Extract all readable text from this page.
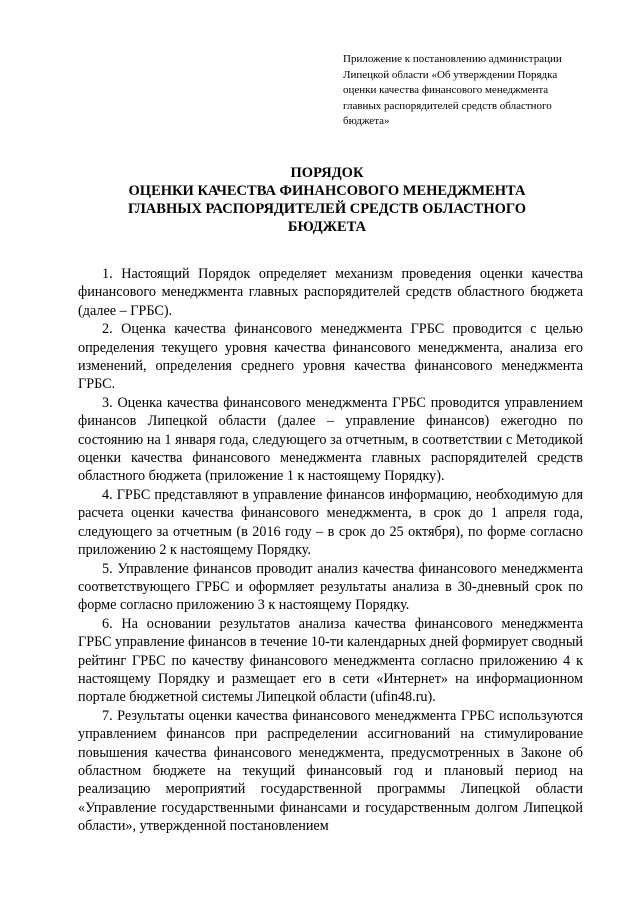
Приложение к постановлению администрации Липецкой области «Об утверждении Порядка оценки качества финансового менеджмента главных распорядителей средств областного бюджета»

ПОРЯДОК
ОЦЕНКИ КАЧЕСТВА ФИНАНСОВОГО МЕНЕДЖМЕНТА
ГЛАВНЫХ РАСПОРЯДИТЕЛЕЙ СРЕДСТВ ОБЛАСТНОГО
БЮДЖЕТА

1. Настоящий Порядок определяет механизм проведения оценки качества финансового менеджмента главных распорядителей средств областного бюджета (далее – ГРБС).

2. Оценка качества финансового менеджмента ГРБС проводится с целью определения текущего уровня качества финансового менеджмента, анализа его изменений, определения среднего уровня качества финансового менеджмента ГРБС.

3. Оценка качества финансового менеджмента ГРБС проводится управлением финансов Липецкой области (далее – управление финансов) ежегодно по состоянию на 1 января года, следующего за отчетным, в соответствии с Методикой оценки качества финансового менеджмента главных распорядителей средств областного бюджета (приложение 1 к настоящему Порядку).

4. ГРБС представляют в управление финансов информацию, необходимую для расчета оценки качества финансового менеджмента, в срок до 1 апреля года, следующего за отчетным (в 2016 году – в срок до 25 октября), по форме согласно приложению 2 к настоящему Порядку.

5. Управление финансов проводит анализ качества финансового менеджмента соответствующего ГРБС и оформляет результаты анализа в 30-дневный срок по форме согласно приложению 3 к настоящему Порядку.

6. На основании результатов анализа качества финансового менеджмента ГРБС управление финансов в течение 10-ти календарных дней формирует сводный рейтинг ГРБС по качеству финансового менеджмента согласно приложению 4 к настоящему Порядку и размещает его в сети «Интернет» на информационном портале бюджетной системы Липецкой области (ufin48.ru).

7. Результаты оценки качества финансового менеджмента ГРБС используются управлением финансов при распределении ассигнований на стимулирование повышения качества финансового менеджмента, предусмотренных в Законе об областном бюджете на текущий финансовый год и плановый период на реализацию мероприятий государственной программы Липецкой области «Управление государственными финансами и государственным долгом Липецкой области», утвержденной постановлением
